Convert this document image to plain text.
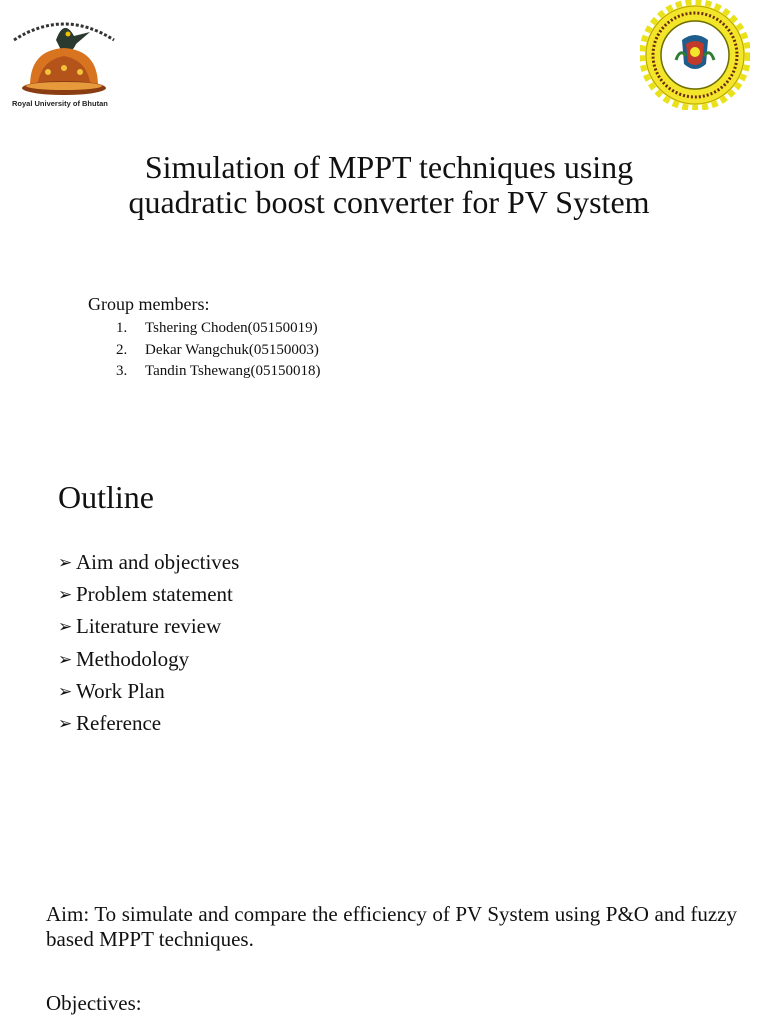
Royal University of Bhutan
Simulation of MPPT techniques using
quadratic boost converter for PV System
Group members:
1. Tshering Choden(05150019)
2. Dekar Wangchuk(05150003)
3. Tandin Tshewang(05150018)
Outline
➢ Aim and objectives
➢ Problem statement
➢ Literature review
➢ Methodology
➢ Work Plan
➢ Reference
Aim: To simulate and compare the efficiency of PV System using P&O and fuzzy based MPPT techniques.
Objectives:
